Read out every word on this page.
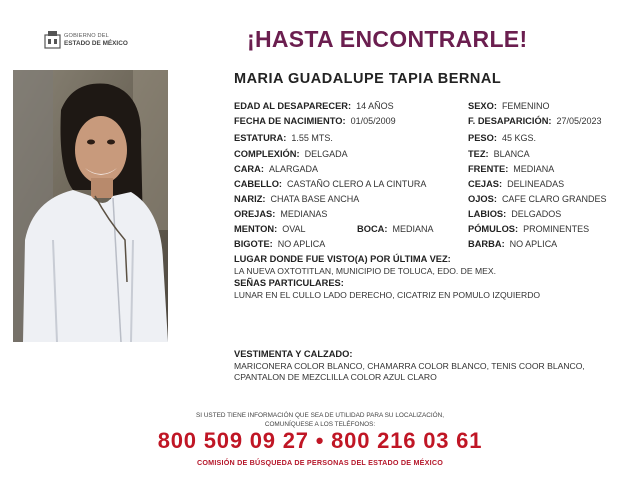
GOBIERNO DEL
ESTADO DE MÉXICO	¡HASTA ENCONTRARLE!
MARIA GUADALUPE TAPIA BERNAL
EDAD AL DESAPARECER: 14 AÑOS
FECHA DE NACIMIENTO: 01/05/2009
ESTATURA: 1.55 MTS.
COMPLEXIÓN: DELGADA
CARA: ALARGADA
CABELLO: CASTAÑO CLERO A LA CINTURA
NARIZ: CHATA BASE ANCHA
OREJAS: MEDIANAS
MENTON: OVAL	BOCA: MEDIANA
BIGOTE: NO APLICA
SEXO: FEMENINO
F. DESAPARICIÓN: 27/05/2023
PESO: 45 KGS.
TEZ: BLANCA
FRENTE: MEDIANA
CEJAS: DELINEADAS
OJOS: CAFE CLARO GRANDES
LABIOS: DELGADOS
PÓMULOS: PROMINENTES
BARBA: NO APLICA
LUGAR DONDE FUE VISTO(A) POR ÚLTIMA VEZ:
LA NUEVA OXTOTITLAN, MUNICIPIO DE TOLUCA, EDO. DE MEX.
SEÑAS PARTICULARES:
LUNAR EN EL CULLO LADO DERECHO, CICATRIZ EN POMULO IZQUIERDO
VESTIMENTA Y CALZADO:
MARICONERA COLOR BLANCO, CHAMARRA COLOR BLANCO, TENIS COOR BLANCO,
CPANTALON DE MEZCLILLA COLOR AZUL CLARO
SI USTED TIENE INFORMACIÓN QUE SEA DE UTILIDAD PARA SU LOCALIZACIÓN,
COMUNÍQUESE A LOS TELÉFONOS:
800 509 09 27 • 800 216 03 61
COMISIÓN DE BÚSQUEDA DE PERSONAS DEL ESTADO DE MÉXICO
